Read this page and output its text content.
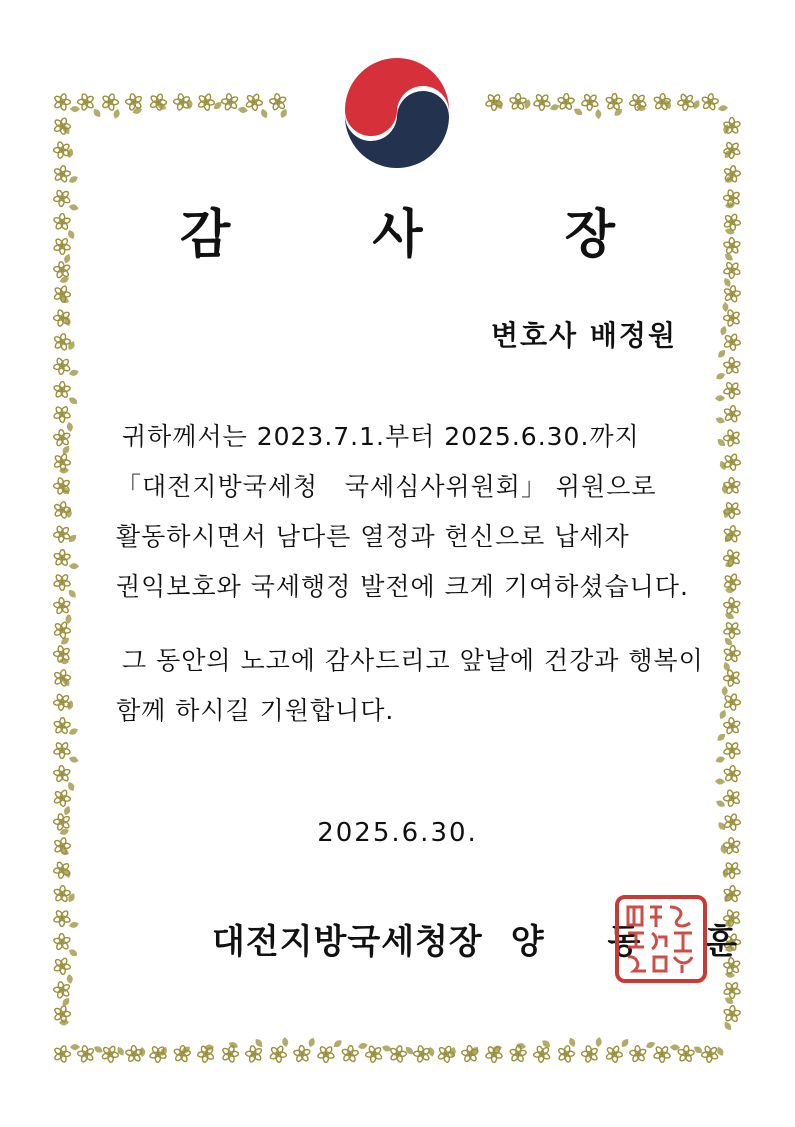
감 사 장
변호사 배정원
귀하께서는 2023.7.1.부터 2025.6.30.까지
「대전지방국세청   국세심사위원회」 위원으로
활동하시면서 남다른 열정과 헌신으로 납세자
권익보호와 국세행정 발전에 크게 기여하셨습니다.
그 동안의 노고에 감사드리고 앞날에 건강과 행복이
함께 하시길 기원합니다.
2025.6.30.
대전지방국세청장 양 동 훈
